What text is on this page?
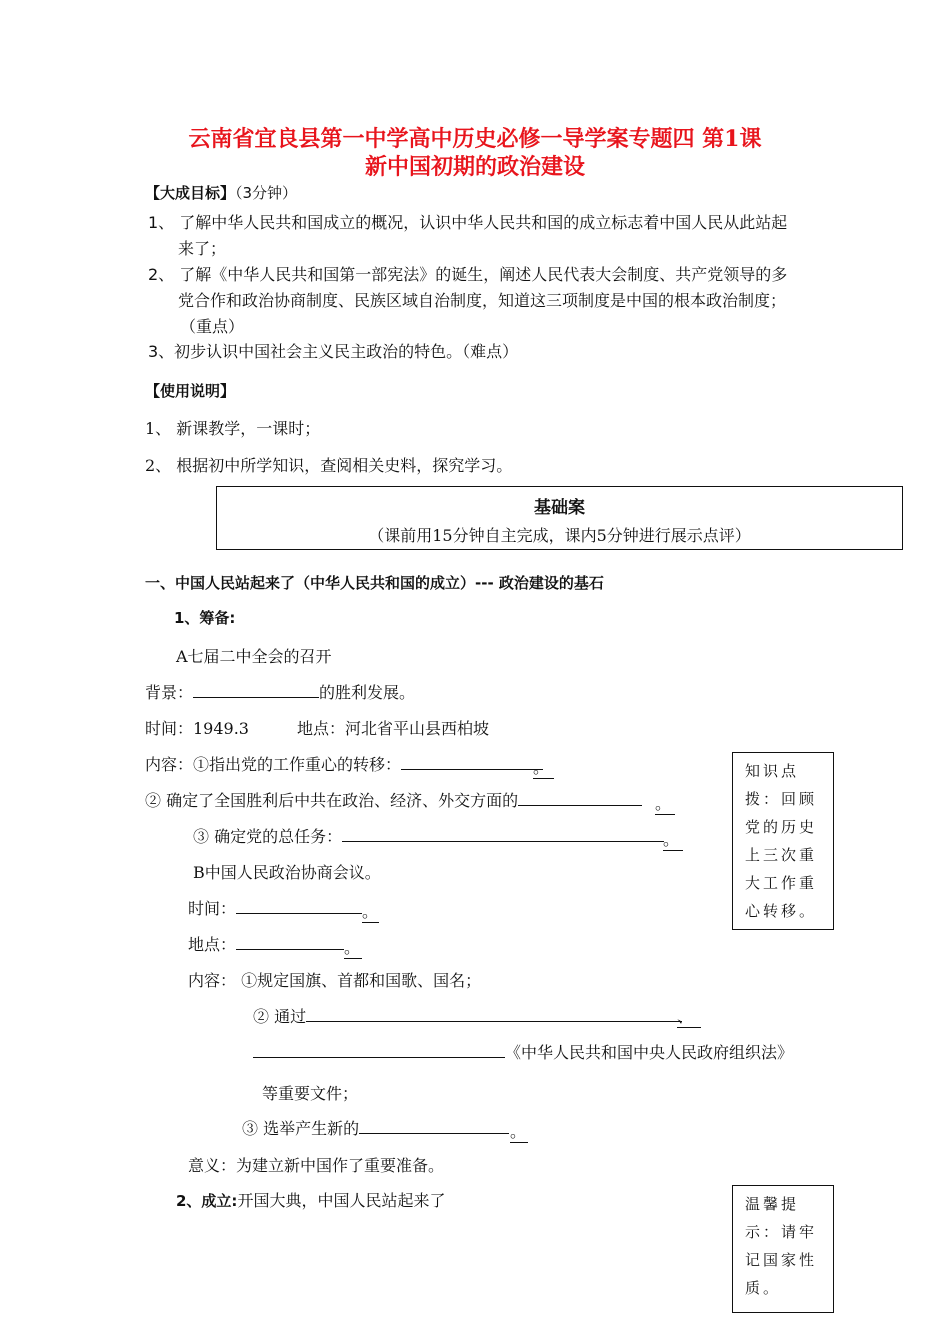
云南省宜良县第一中学高中历史必修一导学案专题四 第1课
新中国初期的政治建设
【大成目标】（3分钟）
1、 了解中华人民共和国成立的概况，认识中华人民共和国的成立标志着中国人民从此站起
来了；
2、 了解《中华人民共和国第一部宪法》的诞生，阐述人民代表大会制度、共产党领导的多
党合作和政治协商制度、民族区域自治制度，知道这三项制度是中国的根本政治制度；
（重点）
3、初步认识中国社会主义民主政治的特色。（难点）
【使用说明】
1、 新课教学，一课时；
2、 根据初中所学知识，查阅相关史料，探究学习。
基础案
（课前用15分钟自主完成，课内5分钟进行展示点评）
一、中国人民站起来了（中华人民共和国的成立）--- 政治建设的基石
1、筹备:
A七届二中全会的召开
背景：	的胜利发展。
时间：1949.3	地点：河北省平山县西柏坡
内容：①指出党的工作重心的转移：	。
② 确定了全国胜利后中共在政治、经济、外交方面的	。
③ 确定党的总任务：	。
B中国人民政治协商会议。
时间：	。
地点：	。
内容： ①规定国旗、首都和国歌、国名；
② 通过	、
《中华人民共和国中央人民政府组织法》
等重要文件；
③ 选举产生新的	。
意义：为建立新中国作了重要准备。
2、成立:开国大典，中国人民站起来了
知识点拨：回顾党的历史上三次重大工作重心转移。
温馨提示：请牢记国家性质。
